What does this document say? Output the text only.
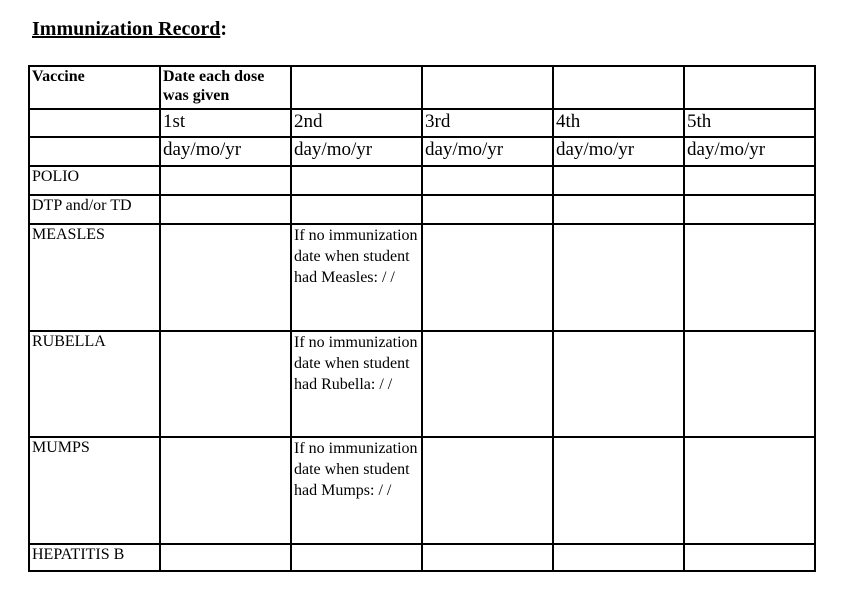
Immunization Record:
Vaccine	Date each dose was given				
	1st	2nd	3rd	4th	5th
	day/mo/yr	day/mo/yr	day/mo/yr	day/mo/yr	day/mo/yr
POLIO					
DTP and/or TD					
MEASLES		If no immunization date when student had Measles: / /			
RUBELLA		If no immunization date when student had Rubella: / /			
MUMPS		If no immunization date when student had Mumps: / /			
HEPATITIS B					
